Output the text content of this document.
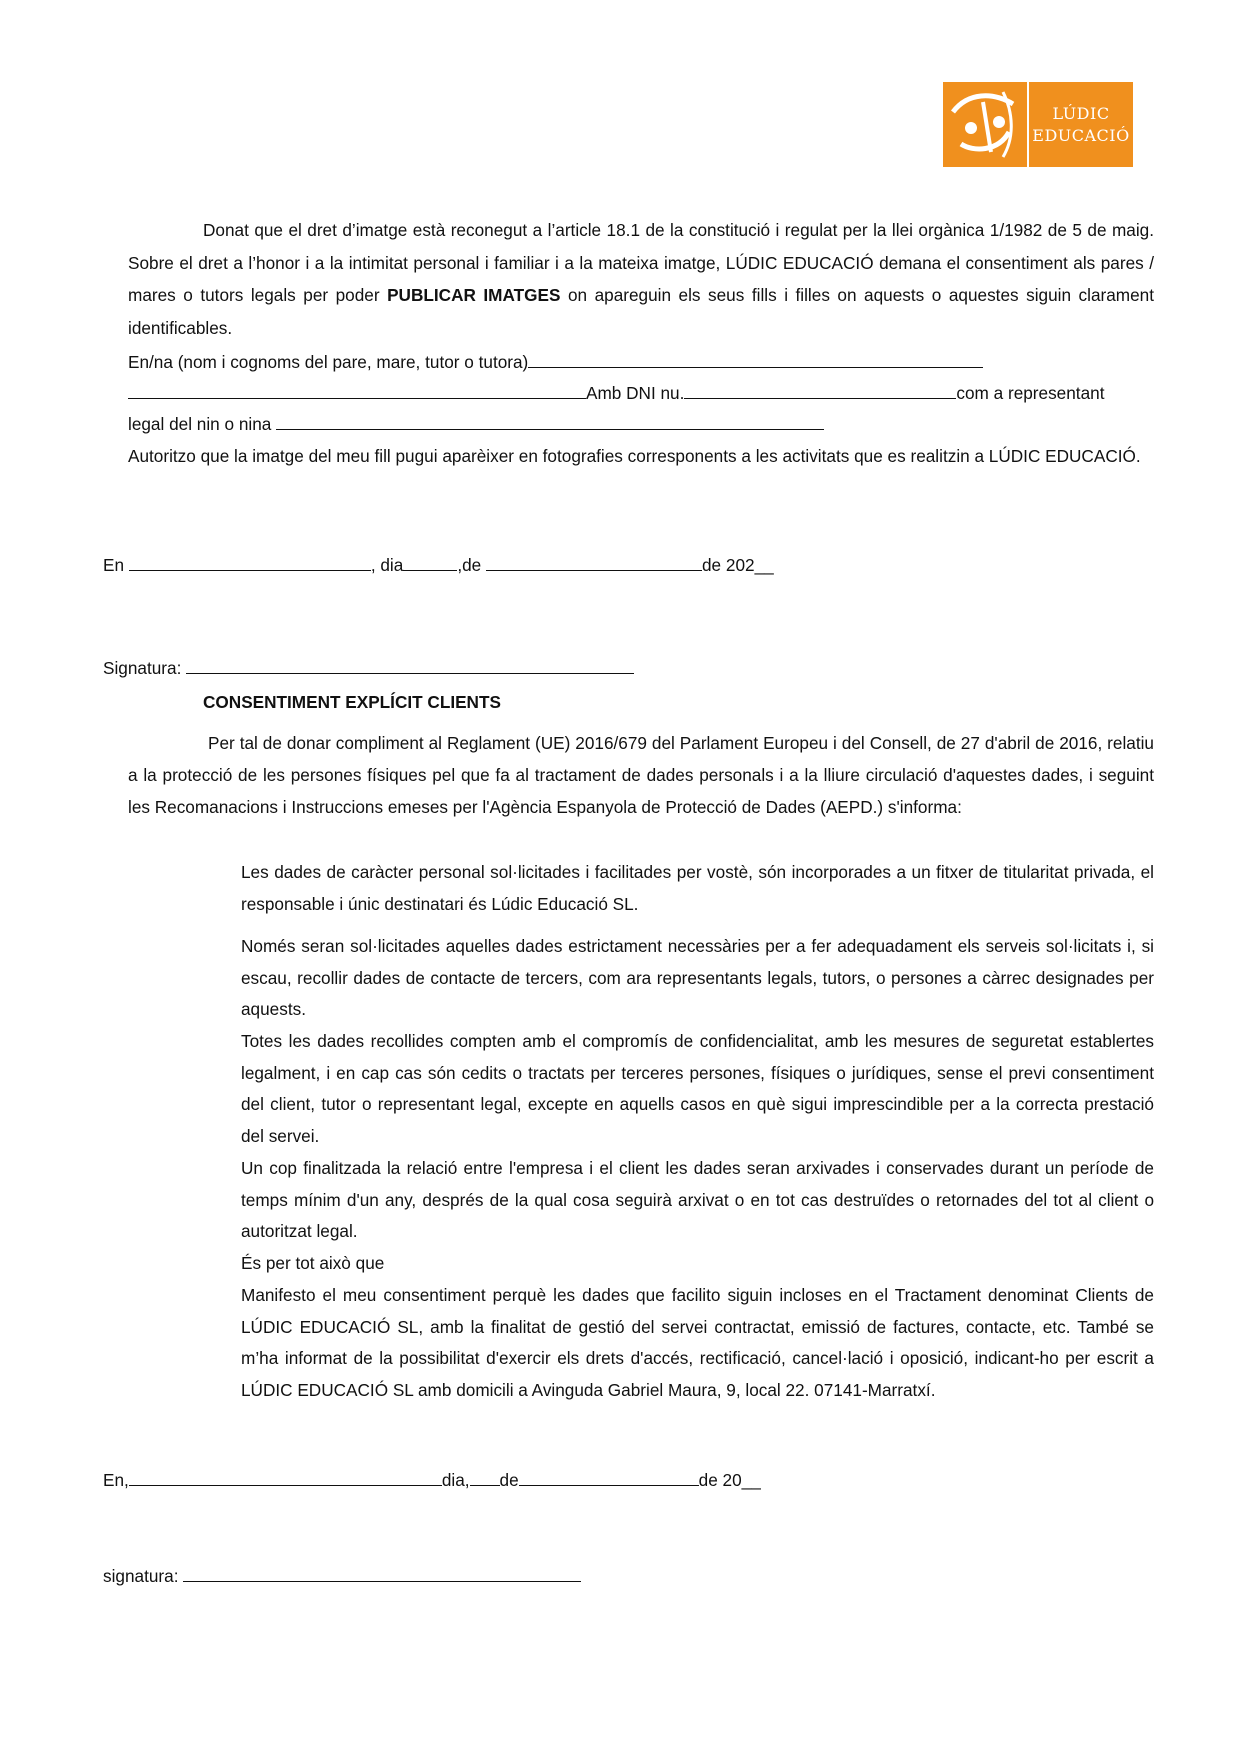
LÚDIC
EDUCACIÓ
Donat que el dret d’imatge està reconegut a l’article 18.1 de la constitució i regulat per la llei orgànica 1/1982 de 5 de maig. Sobre el dret a l’honor i a la intimitat personal i familiar i a la mateixa imatge, LÚDIC EDUCACIÓ demana el consentiment als pares / mares o tutors legals per poder PUBLICAR IMATGES on apareguin els seus fills i filles on aquests o aquestes siguin clarament identificables.
En/na (nom i cognoms del pare, mare, tutor o tutora)
Amb DNI nu.	com a representant
legal del nin o nina
Autoritzo que la imatge del meu fill pugui aparèixer en fotografies corresponents a les activitats que es realitzin a LÚDIC EDUCACIÓ.
En	, dia	,de	de 202__
Signatura:
CONSENTIMENT EXPLÍCIT CLIENTS
Per tal de donar compliment al Reglament (UE) 2016/679 del Parlament Europeu i del Consell, de 27 d'abril de 2016, relatiu a la protecció de les persones físiques pel que fa al tractament de dades personals i a la lliure circulació d'aquestes dades, i seguint les Recomanacions i Instruccions emeses per l'Agència Espanyola de Protecció de Dades (AEPD.) s'informa:
Les dades de caràcter personal sol·licitades i facilitades per vostè, són incorporades a un fitxer de titularitat privada, el responsable i únic destinatari és Lúdic Educació SL.
Només seran sol·licitades aquelles dades estrictament necessàries per a fer adequadament els serveis sol·licitats i, si escau, recollir dades de contacte de tercers, com ara representants legals, tutors, o persones a càrrec designades per aquests.
Totes les dades recollides compten amb el compromís de confidencialitat, amb les mesures de seguretat establertes legalment, i en cap cas són cedits o tractats per terceres persones, físiques o jurídiques, sense el previ consentiment del client, tutor o representant legal, excepte en aquells casos en què sigui imprescindible per a la correcta prestació del servei.
Un cop finalitzada la relació entre l'empresa i el client les dades seran arxivades i conservades durant un període de temps mínim d'un any, després de la qual cosa seguirà arxivat o en tot cas destruïdes o retornades del tot al client o autoritzat legal.
És per tot això que
Manifesto el meu consentiment perquè les dades que facilito siguin incloses en el Tractament denominat Clients de LÚDIC EDUCACIÓ SL, amb la finalitat de gestió del servei contractat, emissió de factures, contacte, etc. També se m’ha informat de la possibilitat d'exercir els drets d'accés, rectificació, cancel·lació i oposició, indicant-ho per escrit a LÚDIC EDUCACIÓ SL amb domicili a Avinguda Gabriel Maura, 9, local 22. 07141-Marratxí.
En,	dia, de	de 20__
signatura:
